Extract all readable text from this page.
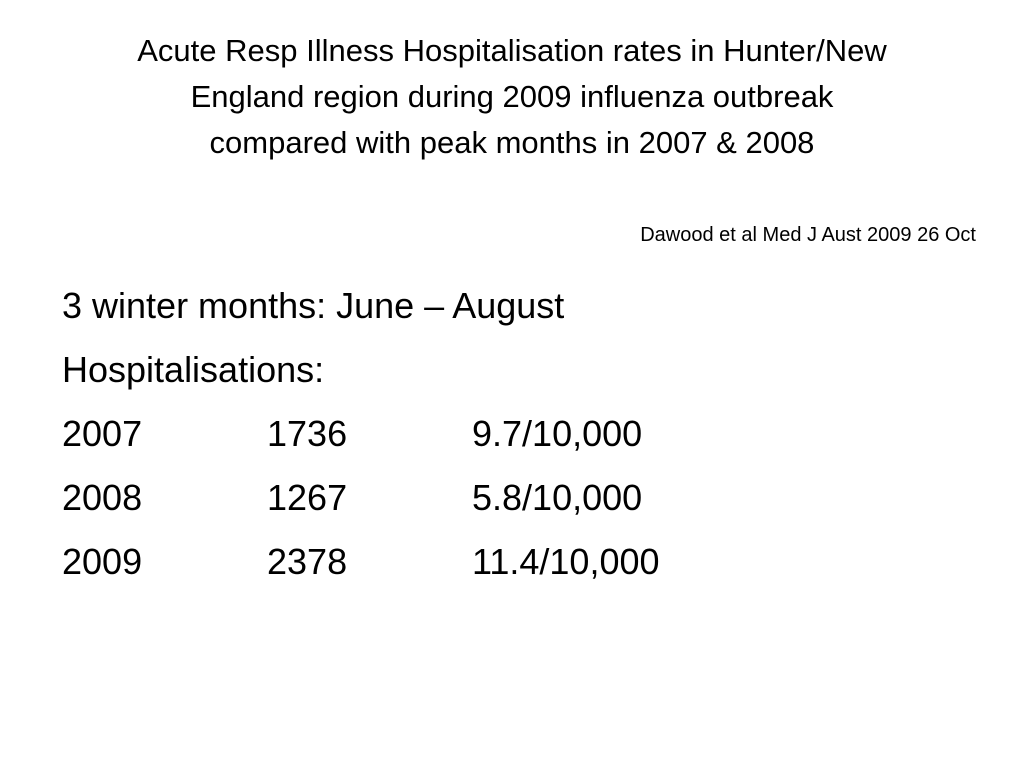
Acute Resp Illness Hospitalisation rates in Hunter/New
England region during 2009 influenza outbreak
compared with peak months in 2007 & 2008

Dawood et al Med J Aust 2009 26 Oct

3 winter months: June – August
Hospitalisations:
2007	1736	9.7/10,000
2008	1267	5.8/10,000
2009	2378	11.4/10,000
